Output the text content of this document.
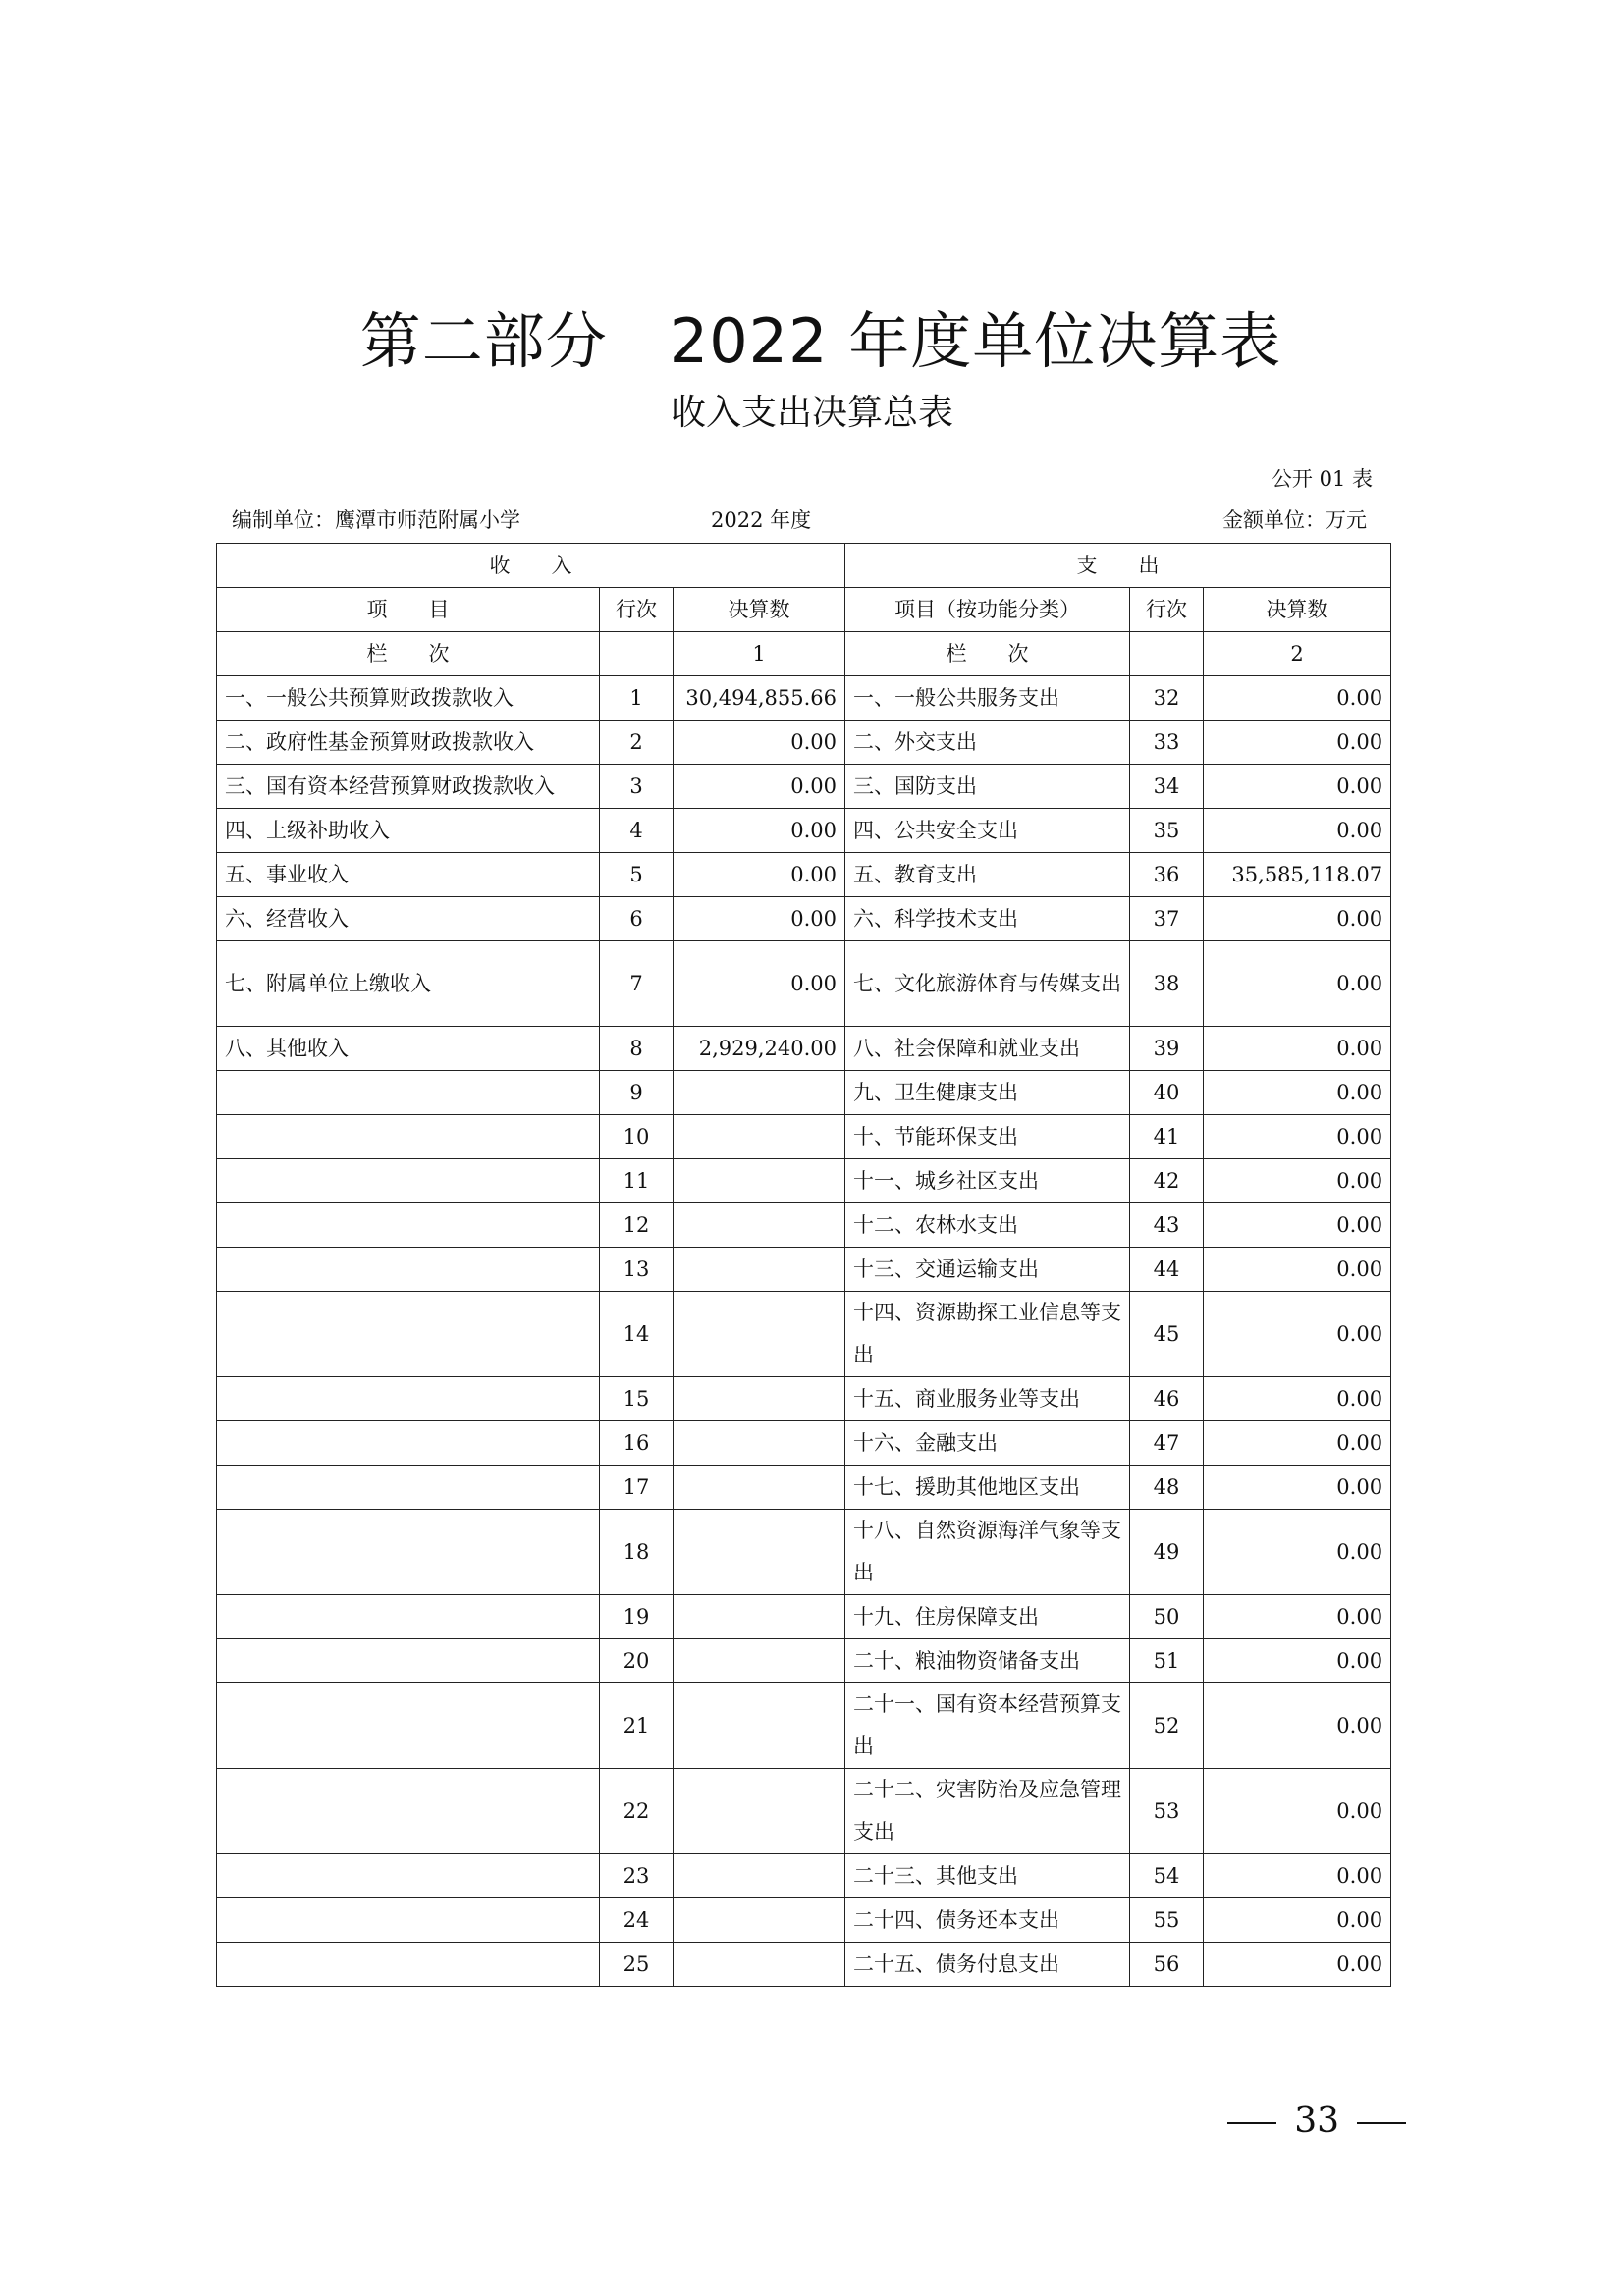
第二部分　2022 年度单位决算表
收入支出决算总表
公开 01 表
编制单位：鹰潭市师范附属小学	2022 年度	金额单位：万元
收　　入			支　　出		
项　　目	行次	决算数	项目（按功能分类）	行次	决算数
栏　　次		1	栏　　次		2
一、一般公共预算财政拨款收入	1	30,494,855.66	一、一般公共服务支出	32	0.00
二、政府性基金预算财政拨款收入	2	0.00	二、外交支出	33	0.00
三、国有资本经营预算财政拨款收入	3	0.00	三、国防支出	34	0.00
四、上级补助收入	4	0.00	四、公共安全支出	35	0.00
五、事业收入	5	0.00	五、教育支出	36	35,585,118.07
六、经营收入	6	0.00	六、科学技术支出	37	0.00
七、附属单位上缴收入	7	0.00	七、文化旅游体育与传媒支出	38	0.00
八、其他收入	8	2,929,240.00	八、社会保障和就业支出	39	0.00
	9		九、卫生健康支出	40	0.00
	10		十、节能环保支出	41	0.00
	11		十一、城乡社区支出	42	0.00
	12		十二、农林水支出	43	0.00
	13		十三、交通运输支出	44	0.00
	14		十四、资源勘探工业信息等支出	45	0.00
	15		十五、商业服务业等支出	46	0.00
	16		十六、金融支出	47	0.00
	17		十七、援助其他地区支出	48	0.00
	18		十八、自然资源海洋气象等支出	49	0.00
	19		十九、住房保障支出	50	0.00
	20		二十、粮油物资储备支出	51	0.00
	21		二十一、国有资本经营预算支出	52	0.00
	22		二十二、灾害防治及应急管理支出	53	0.00
	23		二十三、其他支出	54	0.00
	24		二十四、债务还本支出	55	0.00
	25		二十五、债务付息支出	56	0.00
33
